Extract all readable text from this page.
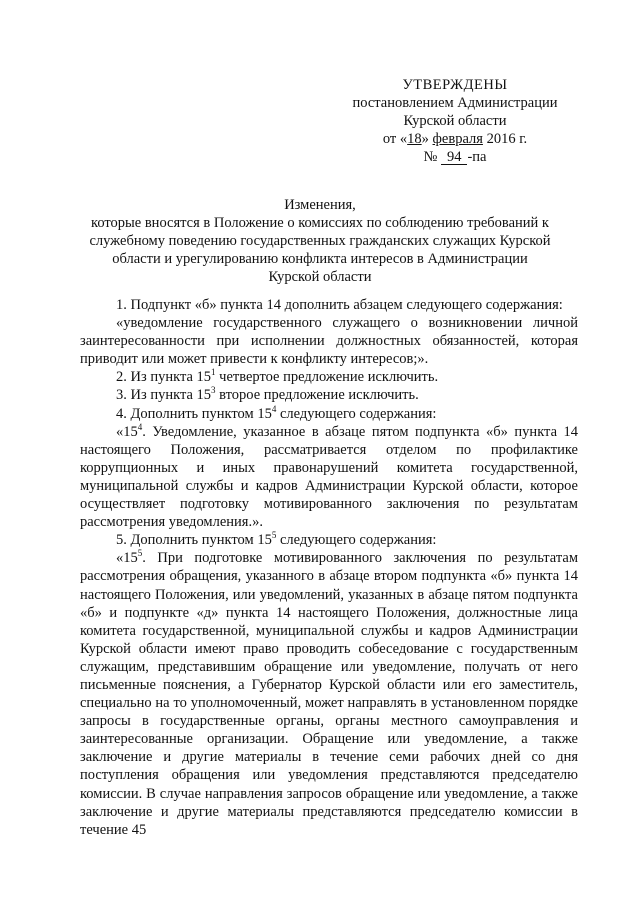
УТВЕРЖДЕНЫ
постановлением Администрации
Курской области
от «18» февраля 2016 г.
№ 94 -па
Изменения,
которые вносятся в Положение о комиссиях по соблюдению требований к
служебному поведению государственных гражданских служащих Курской
области и урегулированию конфликта интересов в Администрации
Курской области

1. Подпункт «б» пункта 14 дополнить абзацем следующего содержания:

«уведомление государственного служащего о возникновении личной заинтересованности при исполнении должностных обязанностей, которая приводит или может привести к конфликту интересов;».

2. Из пункта $15^1$ четвертое предложение исключить.

3. Из пункта $15^3$ второе предложение исключить.

4. Дополнить пунктом $15^4$ следующего содержания:

«$15^4$. Уведомление, указанное в абзаце пятом подпункта «б» пункта 14 настоящего Положения, рассматривается отделом по профилактике коррупционных и иных правонарушений комитета государственной, муниципальной службы и кадров Администрации Курской области, которое осуществляет подготовку мотивированного заключения по результатам рассмотрения уведомления.».

5. Дополнить пунктом $15^5$ следующего содержания:

«$15^5$. При подготовке мотивированного заключения по результатам рассмотрения обращения, указанного в абзаце втором подпункта «б» пункта 14 настоящего Положения, или уведомлений, указанных в абзаце пятом подпункта «б» и подпункте «д» пункта 14 настоящего Положения, должностные лица комитета государственной, муниципальной службы и кадров Администрации Курской области имеют право проводить собеседование с государственным служащим, представившим обращение или уведомление, получать от него письменные пояснения, а Губернатор Курской области или его заместитель, специально на то уполномоченный, может направлять в установленном порядке запросы в государственные органы, органы местного самоуправления и заинтересованные организации. Обращение или уведомление, а также заключение и другие материалы в течение семи рабочих дней со дня поступления обращения или уведомления представляются председателю комиссии. В случае направления запросов обращение или уведомление, а также заключение и другие материалы представляются председателю комиссии в течение 45
